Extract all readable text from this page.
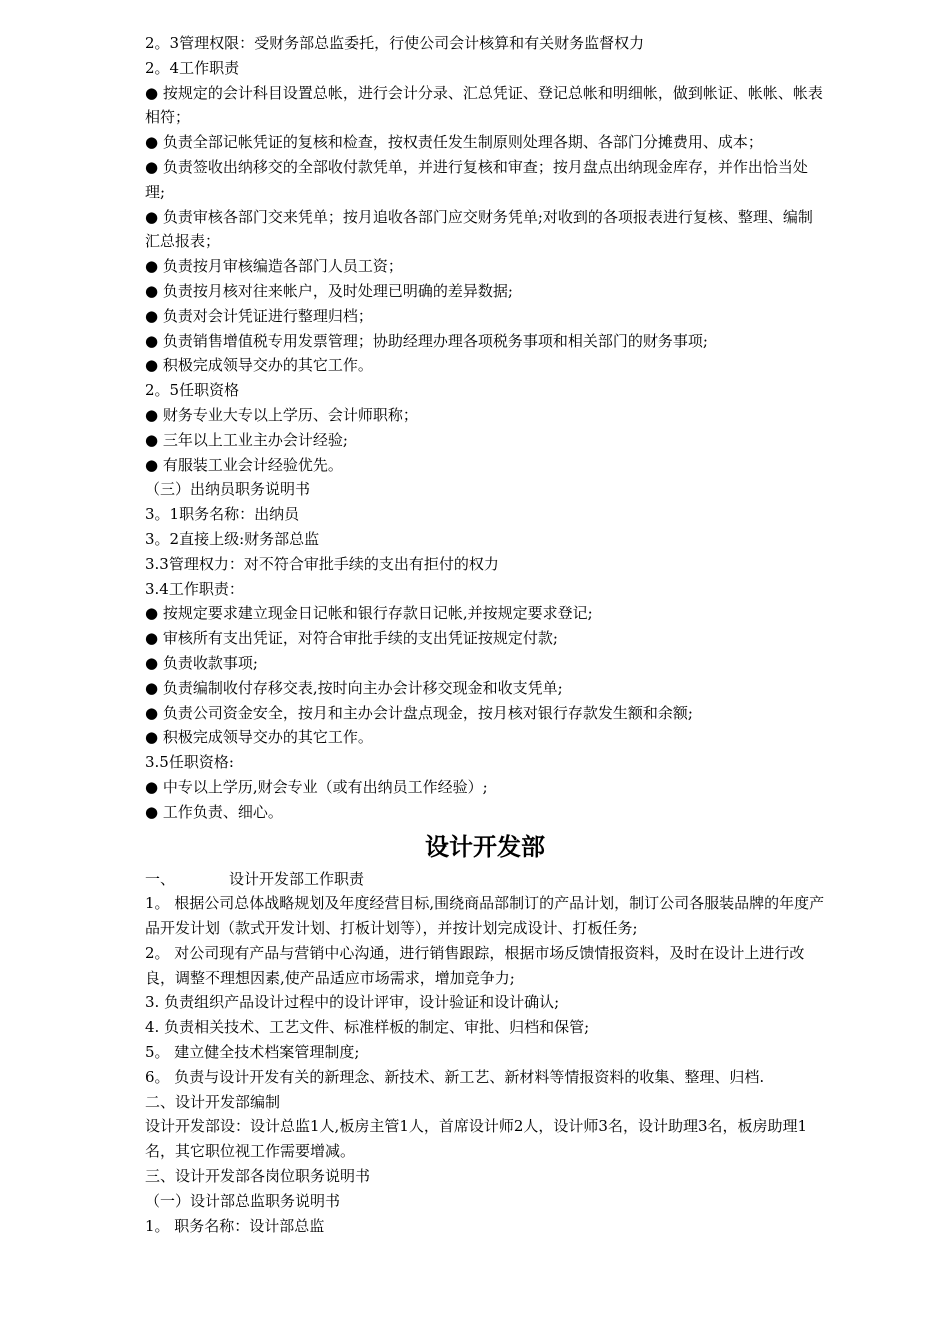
2。3管理权限：受财务部总监委托，行使公司会计核算和有关财务监督权力
2。4工作职责
● 按规定的会计科目设置总帐，进行会计分录、汇总凭证、登记总帐和明细帐，做到帐证、帐帐、帐表相符；
● 负责全部记帐凭证的复核和检查，按权责任发生制原则处理各期、各部门分摊费用、成本；
● 负责签收出纳移交的全部收付款凭单，并进行复核和审查；按月盘点出纳现金库存，并作出恰当处理;
● 负责审核各部门交来凭单；按月追收各部门应交财务凭单;对收到的各项报表进行复核、整理、编制汇总报表；
● 负责按月审核编造各部门人员工资；
● 负责按月核对往来帐户，及时处理已明确的差异数据;
● 负责对会计凭证进行整理归档；
● 负责销售增值税专用发票管理；协助经理办理各项税务事项和相关部门的财务事项;
● 积极完成领导交办的其它工作。
2。5任职资格
● 财务专业大专以上学历、会计师职称；
● 三年以上工业主办会计经验;
● 有服装工业会计经验优先。
（三）出纳员职务说明书
3。1职务名称：出纳员
3。2直接上级:财务部总监
3.3管理权力：对不符合审批手续的支出有拒付的权力
3.4工作职责：
● 按规定要求建立现金日记帐和银行存款日记帐,并按规定要求登记;
● 审核所有支出凭证，对符合审批手续的支出凭证按规定付款;
● 负责收款事项;
● 负责编制收付存移交表,按时向主办会计移交现金和收支凭单;
● 负责公司资金安全，按月和主办会计盘点现金，按月核对银行存款发生额和余额;
● 积极完成领导交办的其它工作。
3.5任职资格:
● 中专以上学历,财会专业（或有出纳员工作经验）;
● 工作负责、细心。
设计开发部
一、	设计开发部工作职责
1。 根据公司总体战略规划及年度经营目标,围绕商品部制订的产品计划，制订公司各服装品牌的年度产品开发计划（款式开发计划、打板计划等），并按计划完成设计、打板任务;
2。 对公司现有产品与营销中心沟通，进行销售跟踪，根据市场反馈情报资料，及时在设计上进行改良，调整不理想因素,使产品适应市场需求，增加竞争力;
3. 负责组织产品设计过程中的设计评审，设计验证和设计确认;
4. 负责相关技术、工艺文件、标准样板的制定、审批、归档和保管;
5。 建立健全技术档案管理制度;
6。 负责与设计开发有关的新理念、新技术、新工艺、新材料等情报资料的收集、整理、归档.
二、设计开发部编制
设计开发部设：设计总监1人,板房主管1人，首席设计师2人，设计师3名，设计助理3名，板房助理1名，其它职位视工作需要增减。
三、设计开发部各岗位职务说明书
（一）设计部总监职务说明书
1。 职务名称：设计部总监
